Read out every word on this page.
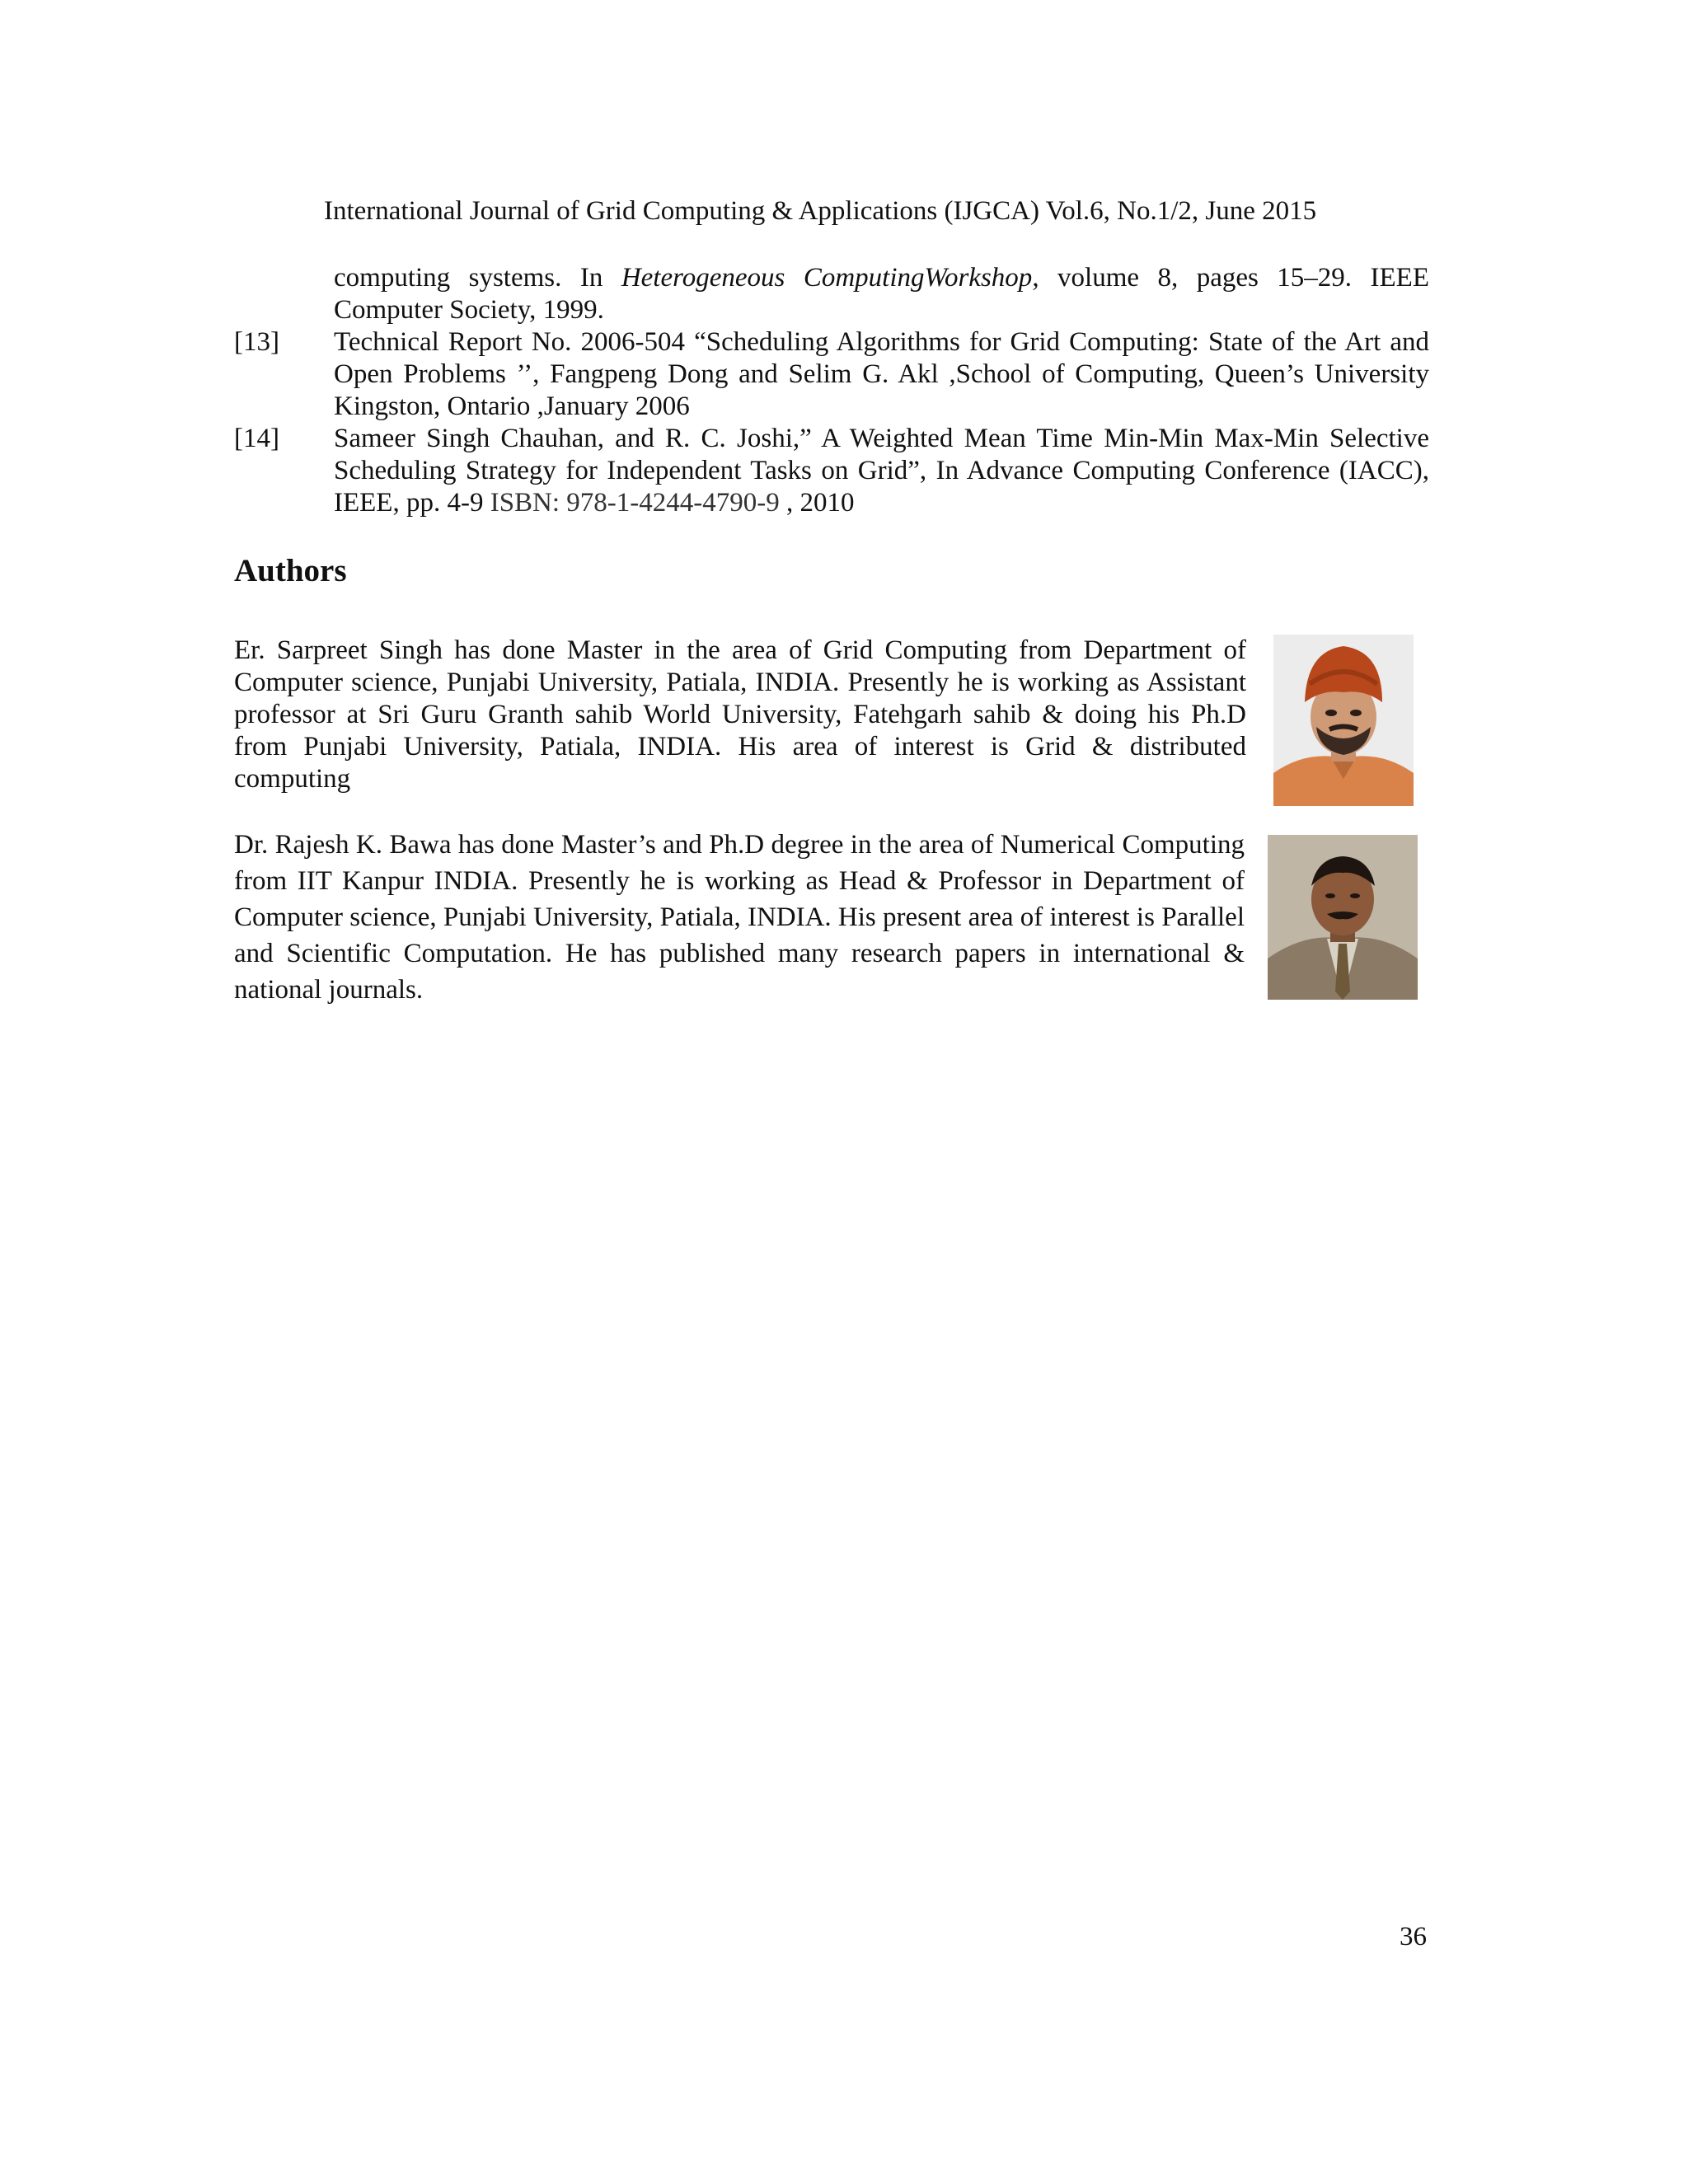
International Journal of Grid Computing & Applications (IJGCA) Vol.6, No.1/2, June 2015
computing systems. In Heterogeneous ComputingWorkshop, volume 8, pages 15–29. IEEE Computer Society, 1999.
[13]	Technical Report No. 2006-504 “Scheduling Algorithms for Grid Computing: State of the Art and Open Problems ’’, Fangpeng Dong and Selim G. Akl ,School of Computing, Queen’s University Kingston, Ontario ,January 2006
[14]	Sameer Singh Chauhan, and R. C. Joshi,” A Weighted Mean Time Min-Min Max-Min Selective Scheduling Strategy for Independent Tasks on Grid”, In Advance Computing Conference (IACC), IEEE, pp. 4-9 ISBN: 978-1-4244-4790-9 , 2010
Authors

Er. Sarpreet Singh has done Master in the area of Grid Computing from Department of Computer science, Punjabi University, Patiala, INDIA. Presently he is working as Assistant professor at Sri Guru Granth sahib World University, Fatehgarh sahib & doing his Ph.D from Punjabi University, Patiala, INDIA. His area of interest is Grid & distributed computing

Dr. Rajesh K. Bawa has done Master’s and Ph.D degree in the area of Numerical Computing from IIT Kanpur INDIA. Presently he is working as Head & Professor in Department of Computer science, Punjabi University, Patiala, INDIA. His present area of interest is Parallel and Scientific Computation. He has published many research papers in international & national journals.

36
